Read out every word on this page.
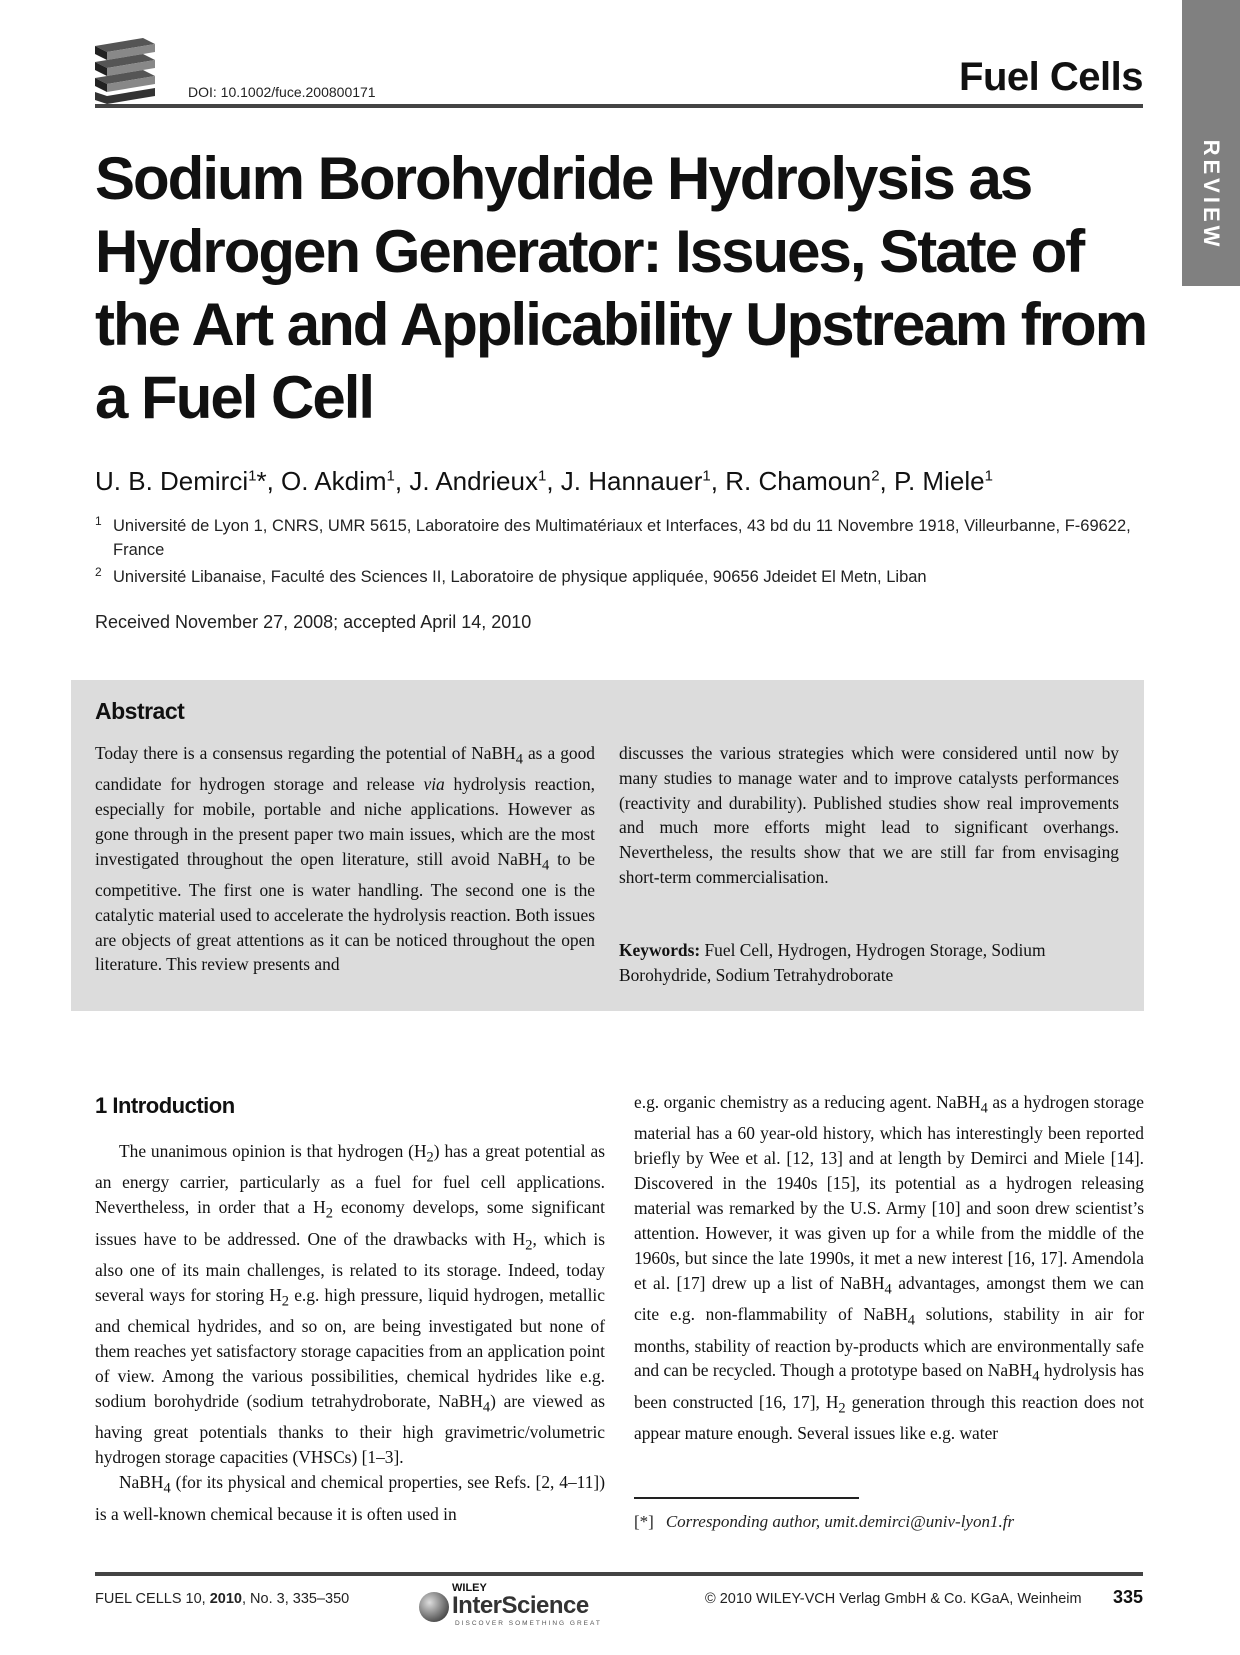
DOI: 10.1002/fuce.200800171	Fuel Cells
REVIEW
Sodium Borohydride Hydrolysis as Hydrogen Generator: Issues, State of the Art and Applicability Upstream from a Fuel Cell
U. B. Demirci$^1$*, O. Akdim$^1$, J. Andrieux$^1$, J. Hannauer$^1$, R. Chamoun$^2$, P. Miele$^1$
1 Université de Lyon 1, CNRS, UMR 5615, Laboratoire des Multimatériaux et Interfaces, 43 bd du 11 Novembre 1918, Villeurbanne, F-69622, France
2 Université Libanaise, Faculté des Sciences II, Laboratoire de physique appliquée, 90656 Jdeidet El Metn, Liban
Received November 27, 2008; accepted April 14, 2010
Abstract
Today there is a consensus regarding the potential of NaBH$_4$ as a good candidate for hydrogen storage and release via hydrolysis reaction, especially for mobile, portable and niche applications. However as gone through in the present paper two main issues, which are the most investigated throughout the open literature, still avoid NaBH$_4$ to be competitive. The first one is water handling. The second one is the catalytic material used to accelerate the hydrolysis reaction. Both issues are objects of great attentions as it can be noticed throughout the open literature. This review presents and
discusses the various strategies which were considered until now by many studies to manage water and to improve catalysts performances (reactivity and durability). Published studies show real improvements and much more efforts might lead to significant overhangs. Nevertheless, the results show that we are still far from envisaging short-term commercialisation.
Keywords: Fuel Cell, Hydrogen, Hydrogen Storage, Sodium Borohydride, Sodium Tetrahydroborate
1 Introduction

The unanimous opinion is that hydrogen $(H_2)$ has a great potential as an energy carrier, particularly as a fuel for fuel cell applications. Nevertheless, in order that a $H_2$ economy develops, some significant issues have to be addressed. One of the drawbacks with $H_2$, which is also one of its main challenges, is related to its storage. Indeed, today several ways for storing $H_2$ e.g. high pressure, liquid hydrogen, metallic and chemical hydrides, and so on, are being investigated but none of them reaches yet satisfactory storage capacities from an application point of view. Among the various possibilities, chemical hydrides like e.g. sodium borohydride (sodium tetrahydroborate, NaBH$_4$) are viewed as having great potentials thanks to their high gravimetric/volumetric hydrogen storage capacities (VHSCs) [1–3].

NaBH$_4$ (for its physical and chemical properties, see Refs. [2, 4–11]) is a well-known chemical because it is often used in

e.g. organic chemistry as a reducing agent. NaBH$_4$ as a hydrogen storage material has a 60 year-old history, which has interestingly been reported briefly by Wee et al. [12, 13] and at length by Demirci and Miele [14]. Discovered in the 1940s [15], its potential as a hydrogen releasing material was remarked by the U.S. Army [10] and soon drew scientist’s attention. However, it was given up for a while from the middle of the 1960s, but since the late 1990s, it met a new interest [16, 17]. Amendola et al. [17] drew up a list of NaBH$_4$ advantages, amongst them we can cite e.g. non-flammability of NaBH$_4$ solutions, stability in air for months, stability of reaction by-products which are environmentally safe and can be recycled. Though a prototype based on NaBH$_4$ hydrolysis has been constructed [16, 17], $H_2$ generation through this reaction does not appear mature enough. Several issues like e.g. water

[*] Corresponding author, umit.demirci@univ-lyon1.fr
FUEL CELLS 10, 2010, No. 3, 335–350
WILEY
InterScience
DISCOVER SOMETHING GREAT
© 2010 WILEY-VCH Verlag GmbH & Co. KGaA, Weinheim 335
